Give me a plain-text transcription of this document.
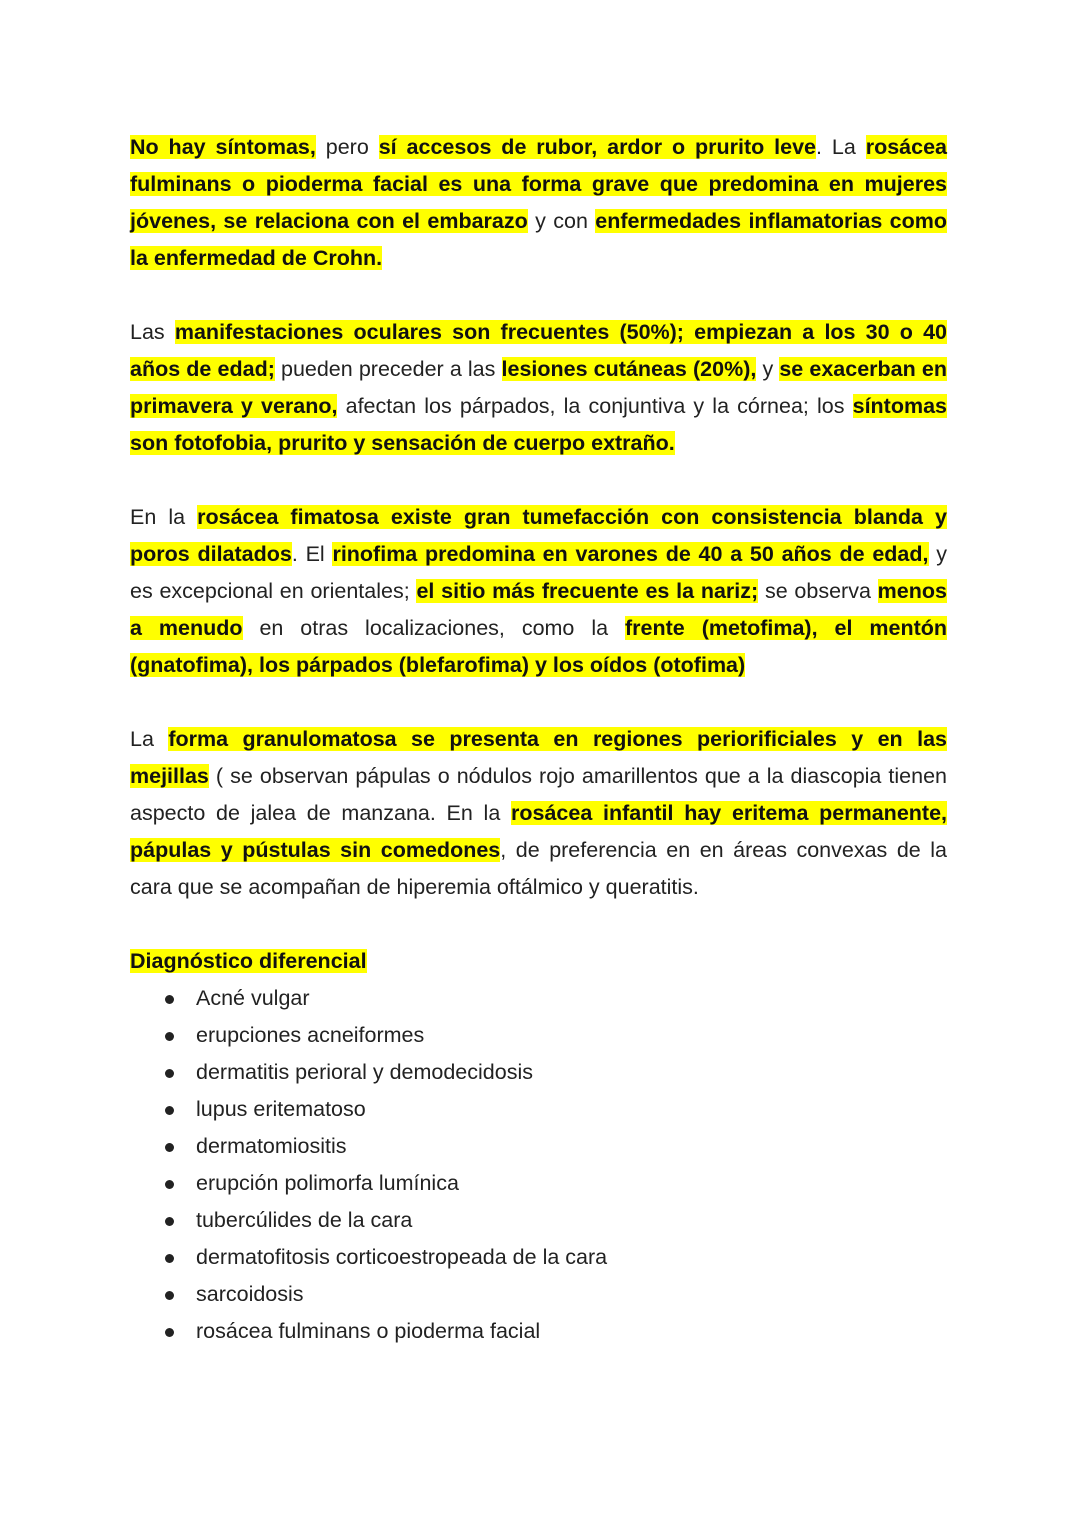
No hay síntomas, pero sí accesos de rubor, ardor o prurito leve. La rosácea fulminans o pioderma facial es una forma grave que predomina en mujeres jóvenes, se relaciona con el embarazo y con enfermedades inflamatorias como la enfermedad de Crohn.

Las manifestaciones oculares son frecuentes (50%); empiezan a los 30 o 40 años de edad; pueden preceder a las lesiones cutáneas (20%), y se exacerban en primavera y verano, afectan los párpados, la conjuntiva y la córnea; los síntomas son fotofobia, prurito y sensación de cuerpo extraño.

En la rosácea fimatosa existe gran tumefacción con consistencia blanda y poros dilatados. El rinofima predomina en varones de 40 a 50 años de edad, y es excepcional en orientales; el sitio más frecuente es la nariz; se observa menos a menudo en otras localizaciones, como la frente (metofima), el mentón (gnatofima), los párpados (blefarofima) y los oídos (otofima)

La forma granulomatosa se presenta en regiones periorificiales y en las mejillas ( se observan pápulas o nódulos rojo amarillentos que a la diascopia tienen aspecto de jalea de manzana. En la rosácea infantil hay eritema permanente, pápulas y pústulas sin comedones, de preferencia en en áreas convexas de la cara que se acompañan de hiperemia oftálmico y queratitis.

Diagnóstico diferencial
Acné vulgar
erupciones acneiformes
dermatitis perioral y demodecidosis
lupus eritematoso
dermatomiositis
erupción polimorfa lumínica
tubercúlides de la cara
dermatofitosis corticoestropeada de la cara
sarcoidosis
rosácea fulminans o pioderma facial
